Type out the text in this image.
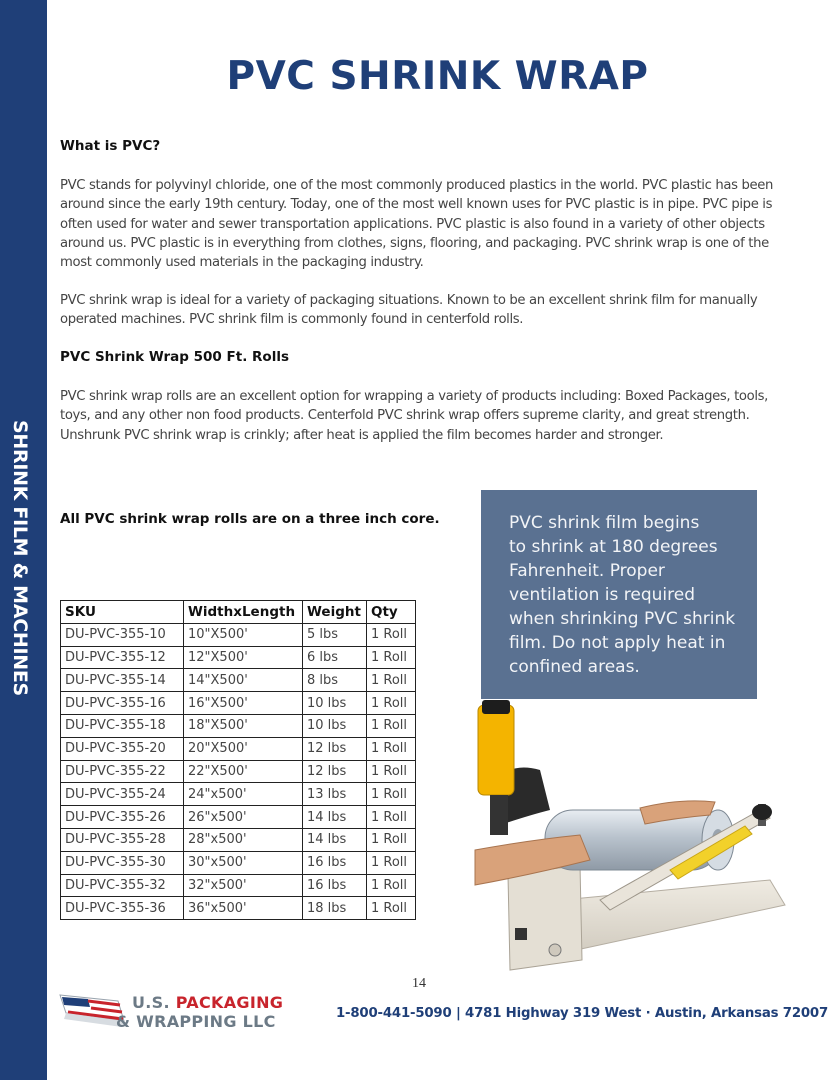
SHRINK FILM & MACHINES
PVC SHRINK WRAP
What is PVC?

PVC stands for polyvinyl chloride, one of the most commonly produced plastics in the world. PVC plastic has been around since the early 19th century. Today, one of the most well known uses for PVC plastic is in pipe. PVC pipe is often used for water and sewer transportation applications. PVC plastic is also found in a variety of other objects around us. PVC plastic is in everything from clothes, signs, flooring, and packaging. PVC shrink wrap is one of the most commonly used materials in the packaging industry.

PVC shrink wrap is ideal for a variety of packaging situations. Known to be an excellent shrink film for manually operated machines. PVC shrink film is commonly found in centerfold rolls.

PVC Shrink Wrap 500 Ft. Rolls

PVC shrink wrap rolls are an excellent option for wrapping a variety of products including: Boxed Packages, tools, toys, and any other non food products. Centerfold PVC shrink wrap offers supreme clarity, and great strength. Unshrunk PVC shrink wrap is crinkly; after heat is applied the film becomes harder and stronger.

All PVC shrink wrap rolls are on a three inch core.
SKU	WidthxLength	Weight	Qty
DU-PVC-355-10	10"X500'	5 lbs	1 Roll
DU-PVC-355-12	12"X500'	6 lbs	1 Roll
DU-PVC-355-14	14"X500'	8 lbs	1 Roll
DU-PVC-355-16	16"X500'	10 lbs	1 Roll
DU-PVC-355-18	18"X500'	10 lbs	1 Roll
DU-PVC-355-20	20"X500'	12 lbs	1 Roll
DU-PVC-355-22	22"X500'	12 lbs	1 Roll
DU-PVC-355-24	24"x500'	13 lbs	1 Roll
DU-PVC-355-26	26"x500'	14 lbs	1 Roll
DU-PVC-355-28	28"x500'	14 lbs	1 Roll
DU-PVC-355-30	30"x500'	16 lbs	1 Roll
DU-PVC-355-32	32"x500'	16 lbs	1 Roll
DU-PVC-355-36	36"x500'	18 lbs	1 Roll
PVC shrink film begins
to shrink at 180 degrees
Fahrenheit. Proper
ventilation is required
when shrinking PVC shrink
film. Do not apply heat in
confined areas.
14
U.S. PACKAGING
& WRAPPING LLC	1-800-441-5090 | 4781 Highway 319 West · Austin, Arkansas 72007
